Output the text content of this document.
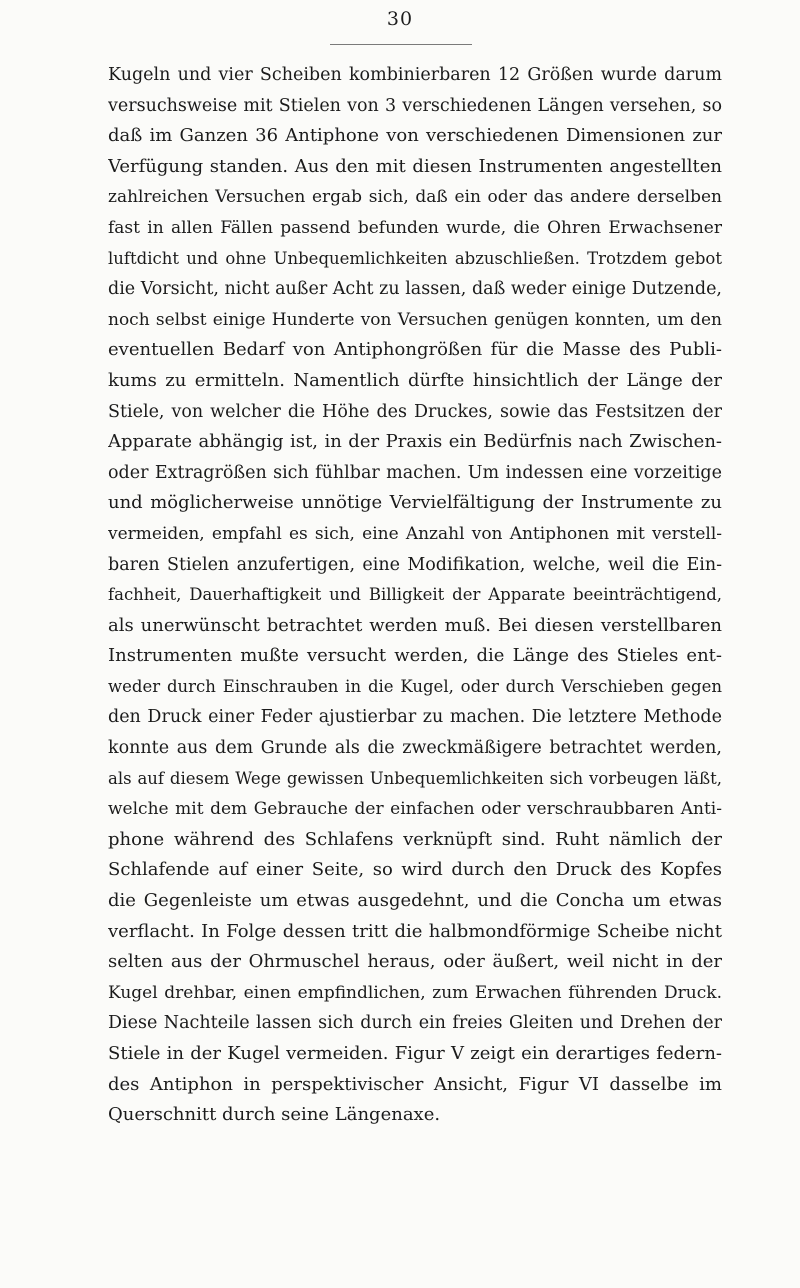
30
Kugeln und vier Scheiben kombinierbaren 12 Größen wurde darum
versuchsweise mit Stielen von 3 verschiedenen Längen versehen, so
daß im Ganzen 36 Antiphone von verschiedenen Dimensionen zur
Verfügung standen. Aus den mit diesen Instrumenten angestellten
zahlreichen Versuchen ergab sich, daß ein oder das andere derselben
fast in allen Fällen passend befunden wurde, die Ohren Erwachsener
luftdicht und ohne Unbequemlichkeiten abzuschließen. Trotzdem gebot
die Vorsicht, nicht außer Acht zu lassen, daß weder einige Dutzende,
noch selbst einige Hunderte von Versuchen genügen konnten, um den
eventuellen Bedarf von Antiphongrößen für die Masse des Publi-
kums zu ermitteln. Namentlich dürfte hinsichtlich der Länge der
Stiele, von welcher die Höhe des Druckes, sowie das Festsitzen der
Apparate abhängig ist, in der Praxis ein Bedürfnis nach Zwischen-
oder Extragrößen sich fühlbar machen. Um indessen eine vorzeitige
und möglicherweise unnötige Vervielfältigung der Instrumente zu
vermeiden, empfahl es sich, eine Anzahl von Antiphonen mit verstell-
baren Stielen anzufertigen, eine Modifikation, welche, weil die Ein-
fachheit, Dauerhaftigkeit und Billigkeit der Apparate beeinträchtigend,
als unerwünscht betrachtet werden muß. Bei diesen verstellbaren
Instrumenten mußte versucht werden, die Länge des Stieles ent-
weder durch Einschrauben in die Kugel, oder durch Verschieben gegen
den Druck einer Feder ajustierbar zu machen. Die letztere Methode
konnte aus dem Grunde als die zweckmäßigere betrachtet werden,
als auf diesem Wege gewissen Unbequemlichkeiten sich vorbeugen läßt,
welche mit dem Gebrauche der einfachen oder verschraubbaren Anti-
phone während des Schlafens verknüpft sind. Ruht nämlich der
Schlafende auf einer Seite, so wird durch den Druck des Kopfes
die Gegenleiste um etwas ausgedehnt, und die Concha um etwas
verflacht. In Folge dessen tritt die halbmondförmige Scheibe nicht
selten aus der Ohrmuschel heraus, oder äußert, weil nicht in der
Kugel drehbar, einen empfindlichen, zum Erwachen führenden Druck.
Diese Nachteile lassen sich durch ein freies Gleiten und Drehen der
Stiele in der Kugel vermeiden. Figur V zeigt ein derartiges federn-
des Antiphon in perspektivischer Ansicht, Figur VI dasselbe im
Querschnitt durch seine Längenaxe.
